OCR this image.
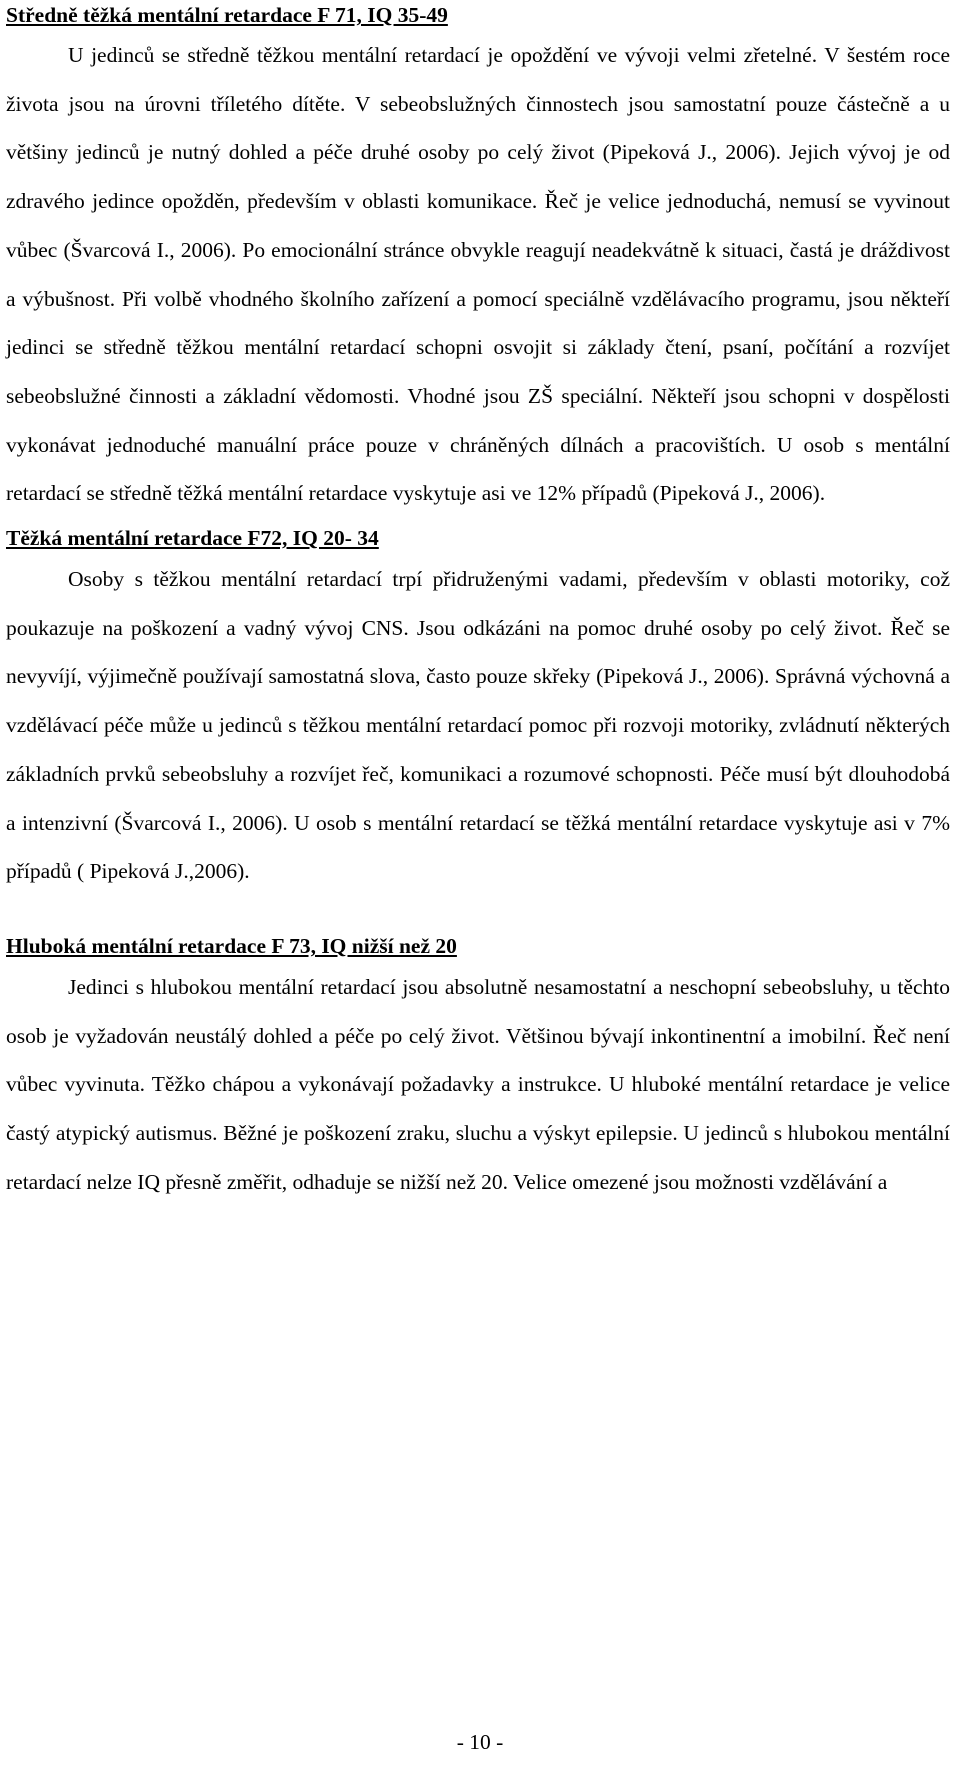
Středně těžká mentální retardace F 71, IQ 35-49

U jedinců se středně těžkou mentální retardací je opoždění ve vývoji velmi zřetelné. V šestém roce života jsou na úrovni tříletého dítěte. V sebeobslužných činnostech jsou samostatní pouze částečně a u většiny jedinců je nutný dohled a péče druhé osoby po celý život (Pipeková J., 2006). Jejich vývoj je od zdravého jedince opožděn, především v oblasti komunikace. Řeč je velice jednoduchá, nemusí se vyvinout vůbec (Švarcová I., 2006). Po emocionální stránce obvykle reagují neadekvátně k situaci, častá je dráždivost a výbušnost. Při volbě vhodného školního zařízení a pomocí speciálně vzdělávacího programu, jsou někteří jedinci se středně těžkou mentální retardací schopni osvojit si základy čtení, psaní, počítání a rozvíjet sebeobslužné činnosti a základní vědomosti. Vhodné jsou ZŠ speciální. Někteří jsou schopni v dospělosti vykonávat jednoduché manuální práce pouze v chráněných dílnách a pracovištích. U osob s mentální retardací se středně těžká mentální retardace vyskytuje asi ve 12% případů (Pipeková J., 2006).

Těžká mentální retardace F72, IQ 20- 34

Osoby s těžkou mentální retardací trpí přidruženými vadami, především v oblasti motoriky, což poukazuje na poškození a vadný vývoj CNS. Jsou odkázáni na pomoc druhé osoby po celý život. Řeč se nevyvíjí, výjimečně používají samostatná slova, často pouze skřeky (Pipeková J., 2006). Správná výchovná a vzdělávací péče může u jedinců s těžkou mentální retardací pomoc při rozvoji motoriky, zvládnutí některých základních prvků sebeobsluhy a rozvíjet řeč, komunikaci a rozumové schopnosti. Péče musí být dlouhodobá a intenzivní (Švarcová I., 2006). U osob s mentální retardací se těžká mentální retardace vyskytuje asi v 7% případů ( Pipeková J.,2006).

Hluboká mentální retardace F 73, IQ nižší než 20

Jedinci s hlubokou mentální retardací jsou absolutně nesamostatní a neschopní sebeobsluhy, u těchto osob je vyžadován neustálý dohled a péče po celý život. Většinou bývají inkontinentní a imobilní. Řeč není vůbec vyvinuta. Těžko chápou a vykonávají požadavky a instrukce. U hluboké mentální retardace je velice častý atypický autismus. Běžné je poškození zraku, sluchu a výskyt epilepsie. U jedinců s hlubokou mentální retardací nelze IQ přesně změřit, odhaduje se nižší než 20. Velice omezené jsou možnosti vzdělávání a

- 10 -
